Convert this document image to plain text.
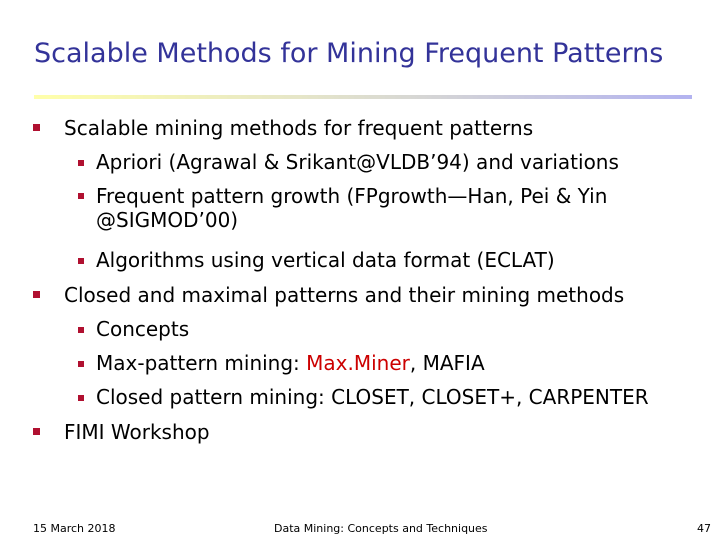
Scalable Methods for Mining Frequent Patterns
Scalable mining methods for frequent patterns
Apriori (Agrawal & Srikant@VLDB’94) and variations
Frequent pattern growth (FPgrowth—Han, Pei & Yin
@SIGMOD’00)
Algorithms using vertical data format (ECLAT)
Closed and maximal patterns and their mining methods
Concepts
Max-pattern mining: Max.Miner, MAFIA
Closed pattern mining: CLOSET, CLOSET+, CARPENTER
FIMI Workshop
15 March 2018	Data Mining: Concepts and Techniques	47
